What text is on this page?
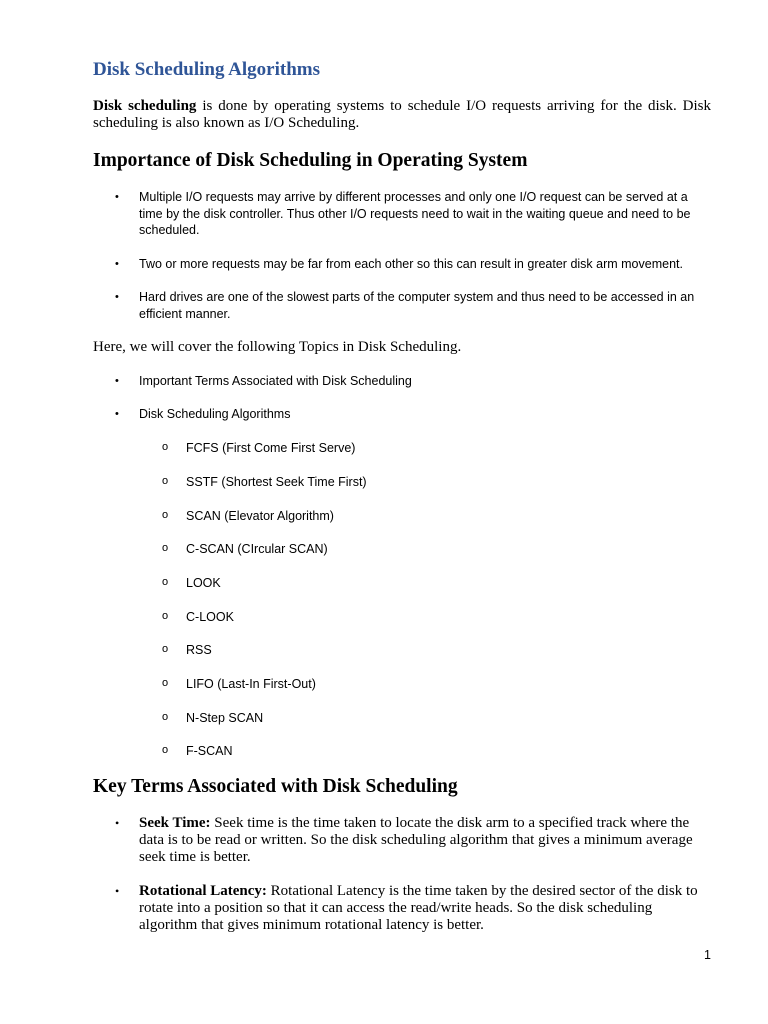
Disk Scheduling Algorithms

Disk scheduling is done by operating systems to schedule I/O requests arriving for the disk. Disk scheduling is also known as I/O Scheduling.

Importance of Disk Scheduling in Operating System
•	Multiple I/O requests may arrive by different processes and only one I/O request can be served at a time by the disk controller. Thus other I/O requests need to wait in the waiting queue and need to be scheduled.
•	Two or more requests may be far from each other so this can result in greater disk arm movement.
•	Hard drives are one of the slowest parts of the computer system and thus need to be accessed in an efficient manner.

Here, we will cover the following Topics in Disk Scheduling.

•	Important Terms Associated with Disk Scheduling
•	Disk Scheduling Algorithms
o FCFS (First Come First Serve)
o SSTF (Shortest Seek Time First)
o SCAN (Elevator Algorithm)
o C-SCAN (CIrcular SCAN)
o LOOK
o C-LOOK
o RSS
o LIFO (Last-In First-Out)
o N-Step SCAN
o F-SCAN
Key Terms Associated with Disk Scheduling
•	Seek Time: Seek time is the time taken to locate the disk arm to a specified track where the data is to be read or written. So the disk scheduling algorithm that gives a minimum average seek time is better.
•	Rotational Latency: Rotational Latency is the time taken by the desired sector of the disk to rotate into a position so that it can access the read/write heads. So the disk scheduling algorithm that gives minimum rotational latency is better.
1
